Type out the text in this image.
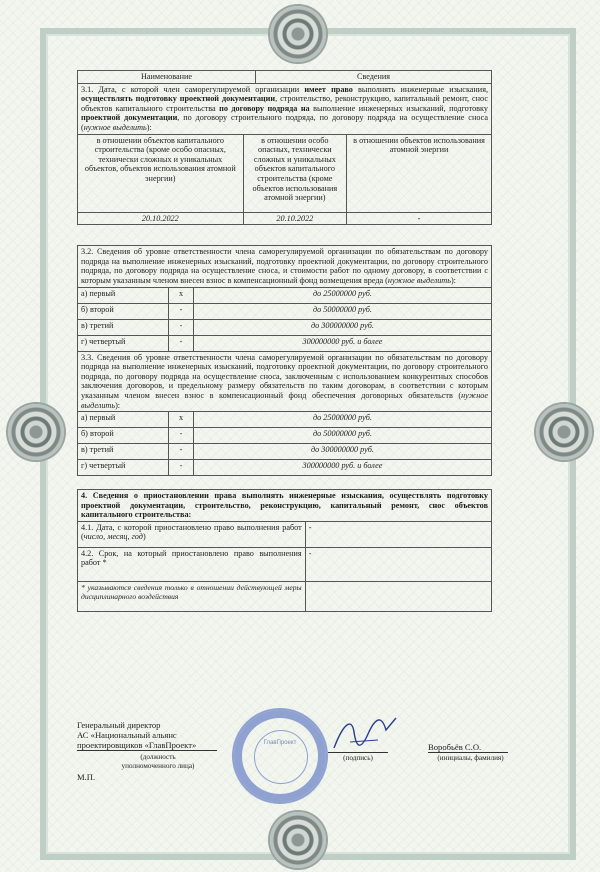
Наименование	Сведения
3.1. Дата, с которой член саморегулируемой организации имеет право выполнять инженерные изыскания, осуществлять подготовку проектной документации, строительство, реконструкцию, капитальный ремонт, снос объектов капитального строительства по договору подряда на выполнение инженерных изысканий, подготовку проектной документации, по договору строительного подряда, по договору подряда на осуществление сноса (нужное выделить):		
в отношении объектов капитального строительства (кроме особо опасных, технически сложных и уникальных объектов, объектов использования атомной энергии)	в отношении особо опасных, технически сложных и уникальных объектов капитального строительства (кроме объектов использования атомной энергии)	в отношении объектов использования атомной энергии
20.10.2022	20.10.2022	-
3.2. Сведения об уровне ответственности члена саморегулируемой организации по обязательствам по договору подряда на выполнение инженерных изысканий, подготовку проектной документации, по договору строительного подряда, по договору подряда на осуществление сноса, и стоимости работ по одному договору, в соответствии с которым указанным членом внесен взнос в компенсационный фонд возмещения вреда (нужное выделить):		
а) первый	х	до 25000000 руб.
б) второй	-	до 50000000 руб.
в) третий	-	до 300000000 руб.
г) четвертый	-	300000000 руб. и более
3.3. Сведения об уровне ответственности члена саморегулируемой организации по обязательствам по договору подряда на выполнение инженерных изысканий, подготовку проектной документации, по договору строительного подряда, по договору подряда на осуществление сноса, заключенным с использованием конкурентных способов заключения договоров, и предельному размеру обязательств по таким договорам, в соответствии с которым указанным членом внесен взнос в компенсационный фонд обеспечения договорных обязательств (нужное выделить):		
а) первый	х	до 25000000 руб.
б) второй	-	до 50000000 руб.
в) третий	-	до 300000000 руб.
г) четвертый	-	300000000 руб. и более
4. Сведения о приостановлении права выполнять инженерные изыскания, осуществлять подготовку проектной документации, строительство, реконструкцию, капитальный ремонт, снос объектов капитального строительства:	
4.1. Дата, с которой приостановлено право выполнения работ (число, месяц, год)	-
4.2. Срок, на который приостановлено право выполнения работ *	-
* указываются сведения только в отношении действующей меры дисциплинарного воздействия	
Генеральный директор
АС «Национальный альянс
проектировщиков «ГлавПроект»
(должность
уполномоченного лица)
М.П.
ГлавПроект
(подпись)
Воробьёв С.О.
(инициалы, фамилия)
